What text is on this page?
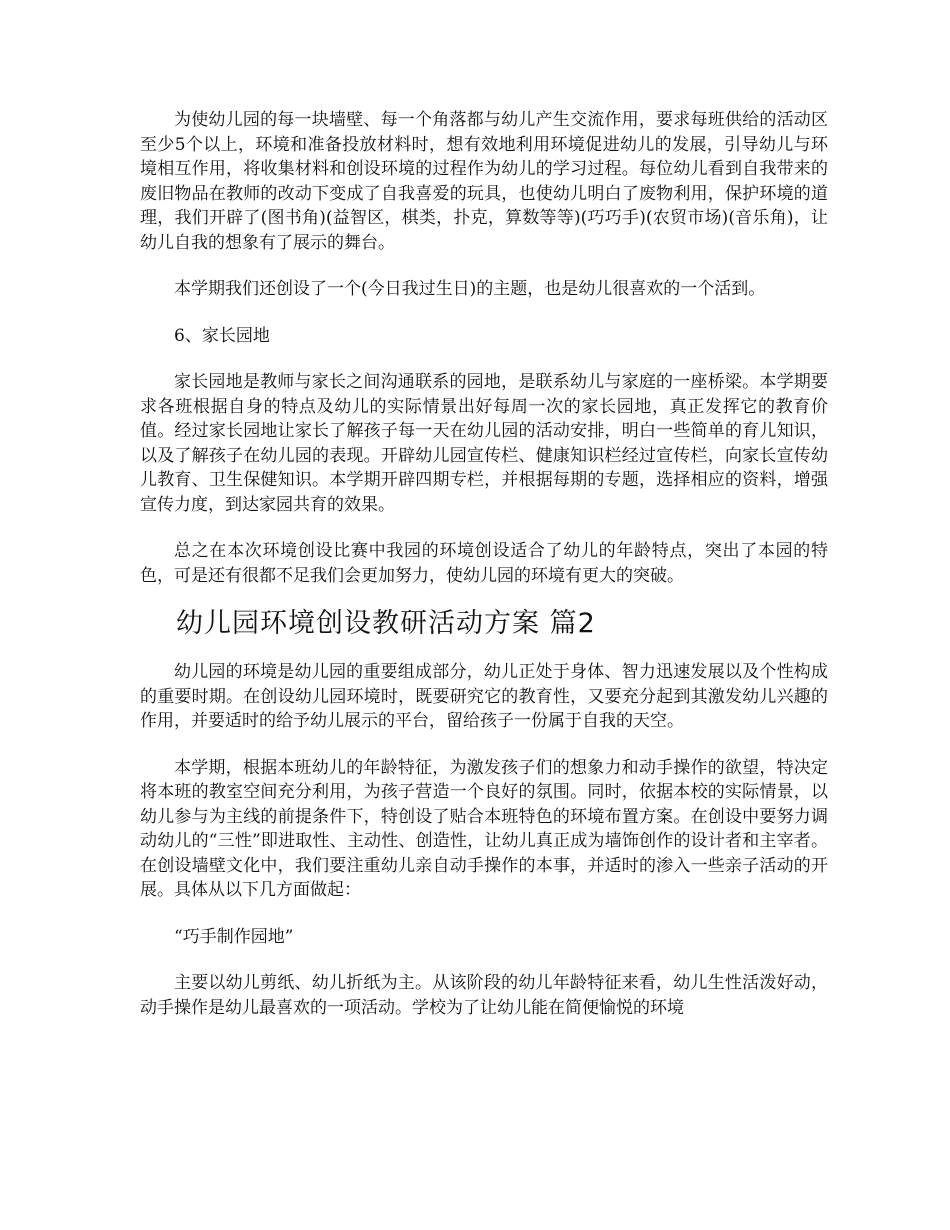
为使幼儿园的每一块墙壁、每一个角落都与幼儿产生交流作用，要求每班供给的活动区至少5个以上，环境和准备投放材料时，想有效地利用环境促进幼儿的发展，引导幼儿与环境相互作用，将收集材料和创设环境的过程作为幼儿的学习过程。每位幼儿看到自我带来的废旧物品在教师的改动下变成了自我喜爱的玩具，也使幼儿明白了废物利用，保护环境的道理，我们开辟了(图书角)(益智区，棋类，扑克，算数等等)(巧巧手)(农贸市场)(音乐角)，让幼儿自我的想象有了展示的舞台。

本学期我们还创设了一个(今日我过生日)的主题，也是幼儿很喜欢的一个活到。

6、家长园地

家长园地是教师与家长之间沟通联系的园地，是联系幼儿与家庭的一座桥梁。本学期要求各班根据自身的特点及幼儿的实际情景出好每周一次的家长园地，真正发挥它的教育价值。经过家长园地让家长了解孩子每一天在幼儿园的活动安排，明白一些简单的育儿知识，以及了解孩子在幼儿园的表现。开辟幼儿园宣传栏、健康知识栏经过宣传栏，向家长宣传幼儿教育、卫生保健知识。本学期开辟四期专栏，并根据每期的专题，选择相应的资料，增强宣传力度，到达家园共育的效果。

总之在本次环境创设比赛中我园的环境创设适合了幼儿的年龄特点，突出了本园的特色，可是还有很都不足我们会更加努力，使幼儿园的环境有更大的突破。

幼儿园环境创设教研活动方案 篇2

幼儿园的环境是幼儿园的重要组成部分，幼儿正处于身体、智力迅速发展以及个性构成的重要时期。在创设幼儿园环境时，既要研究它的教育性，又要充分起到其激发幼儿兴趣的作用，并要适时的给予幼儿展示的平台，留给孩子一份属于自我的天空。

本学期，根据本班幼儿的年龄特征，为激发孩子们的想象力和动手操作的欲望，特决定将本班的教室空间充分利用，为孩子营造一个良好的氛围。同时，依据本校的实际情景，以幼儿参与为主线的前提条件下，特创设了贴合本班特色的环境布置方案。在创设中要努力调动幼儿的“三性”即进取性、主动性、创造性，让幼儿真正成为墙饰创作的设计者和主宰者。在创设墙壁文化中，我们要注重幼儿亲自动手操作的本事，并适时的渗入一些亲子活动的开展。具体从以下几方面做起：

“巧手制作园地”

主要以幼儿剪纸、幼儿折纸为主。从该阶段的幼儿年龄特征来看，幼儿生性活泼好动，动手操作是幼儿最喜欢的一项活动。学校为了让幼儿能在简便愉悦的环境
